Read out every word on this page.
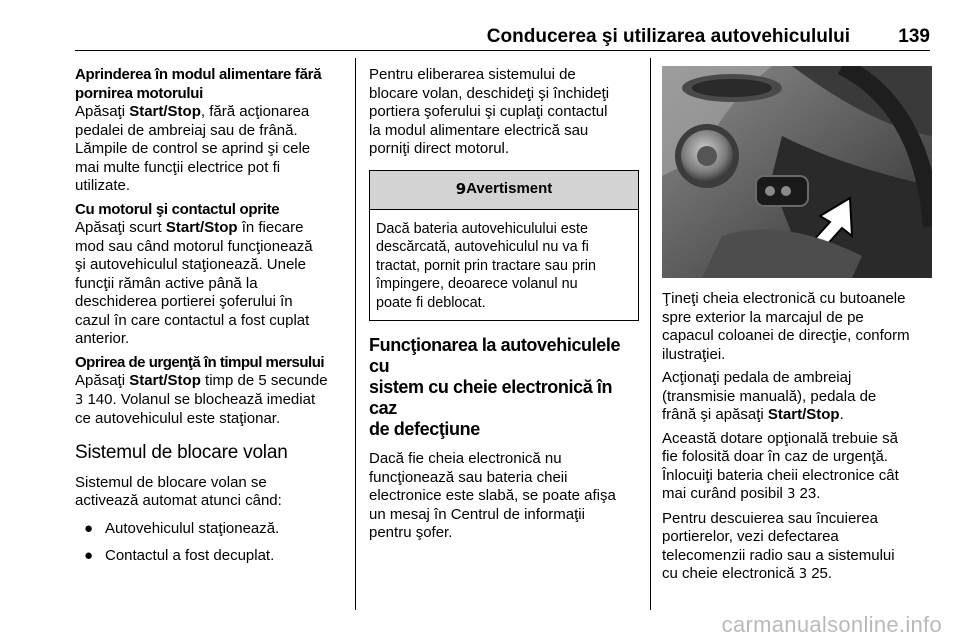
Conducerea şi utilizarea autovehiculului	139
Aprinderea în modul alimentare fără
pornirea motorului
Apăsaţi Start/Stop, fără acţionarea
pedalei de ambreiaj sau de frână.
Lămpile de control se aprind şi cele
mai multe funcţii electrice pot fi
utilizate.
Cu motorul şi contactul oprite
Apăsaţi scurt Start/Stop în fiecare
mod sau când motorul funcţionează
şi autovehiculul staţionează. Unele
funcţii rămân active până la
deschiderea portierei şoferului în
cazul în care contactul a fost cuplat
anterior.
Oprirea de urgenţă în timpul mersului
Apăsaţi Start/Stop timp de 5 secunde
3 140. Volanul se blochează imediat
ce autovehiculul este staţionar.
Sistemul de blocare volan
Sistemul de blocare volan se
activează automat atunci când:
● Autovehiculul staţionează.
● Contactul a fost decuplat.
Pentru eliberarea sistemului de
blocare volan, deschideţi şi închideţi
portiera şoferului şi cuplaţi contactul
la modul alimentare electrică sau
porniţi direct motorul.
9 Avertisment
Dacă bateria autovehiculului este
descărcată, autovehiculul nu va fi
tractat, pornit prin tractare sau prin
împingere, deoarece volanul nu
poate fi deblocat.
Funcţionarea la autovehiculele cu
sistem cu cheie electronică în caz
de defecţiune
Dacă fie cheia electronică nu
funcţionează sau bateria cheii
electronice este slabă, se poate afişa
un mesaj în Centrul de informaţii
pentru şofer.
Ţineţi cheia electronică cu butoanele
spre exterior la marcajul de pe
capacul coloanei de direcţie, conform
ilustraţiei.
Acţionaţi pedala de ambreiaj
(transmisie manuală), pedala de
frână şi apăsaţi Start/Stop.
Această dotare opţională trebuie să
fie folosită doar în caz de urgenţă.
Înlocuiţi bateria cheii electronice cât
mai curând posibil 3 23.
Pentru descuierea sau încuierea
portierelor, vezi defectarea
telecomenzii radio sau a sistemului
cu cheie electronică 3 25.
carmanualsonline.info
